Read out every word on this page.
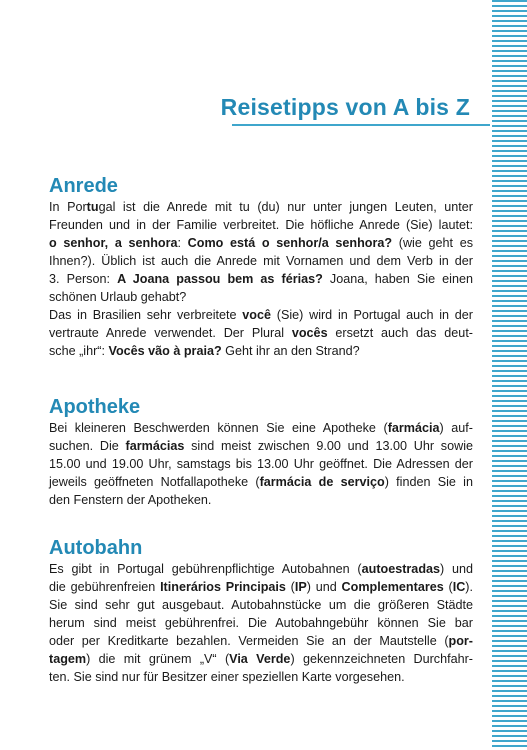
Reisetipps von A bis Z
Anrede
In Portugal ist die Anrede mit tu (du) nur unter jungen Leuten, unter
Freunden und in der Familie verbreitet. Die höfliche Anrede (Sie) lautet:
o senhor, a senhora: Como está o senhor/a senhora? (wie geht es
Ihnen?). Üblich ist auch die Anrede mit Vornamen und dem Verb in der
3. Person: A Joana passou bem as férias? Joana, haben Sie einen
schönen Urlaub gehabt?
Das in Brasilien sehr verbreitete você (Sie) wird in Portugal auch in der
vertraute Anrede verwendet. Der Plural vocês ersetzt auch das deut-
sche „ihr“: Vocês vão à praia? Geht ihr an den Strand?
Apotheke
Bei kleineren Beschwerden können Sie eine Apotheke (farmácia) auf-
suchen. Die farmácias sind meist zwischen 9.00 und 13.00 Uhr sowie
15.00 und 19.00 Uhr, samstags bis 13.00 Uhr geöffnet. Die Adressen der
jeweils geöffneten Notfallapotheke (farmácia de serviço) finden Sie in
den Fenstern der Apotheken.
Autobahn
Es gibt in Portugal gebührenpflichtige Autobahnen (autoestradas) und
die gebührenfreien Itinerários Principais (IP) und Complementares (IC).
Sie sind sehr gut ausgebaut. Autobahnstücke um die größeren Städte
herum sind meist gebührenfrei. Die Autobahngebühr können Sie bar
oder per Kreditkarte bezahlen. Vermeiden Sie an der Mautstelle (por-
tagem) die mit grünem „V“ (Via Verde) gekennzeichneten Durchfahr-
ten. Sie sind nur für Besitzer einer speziellen Karte vorgesehen.
